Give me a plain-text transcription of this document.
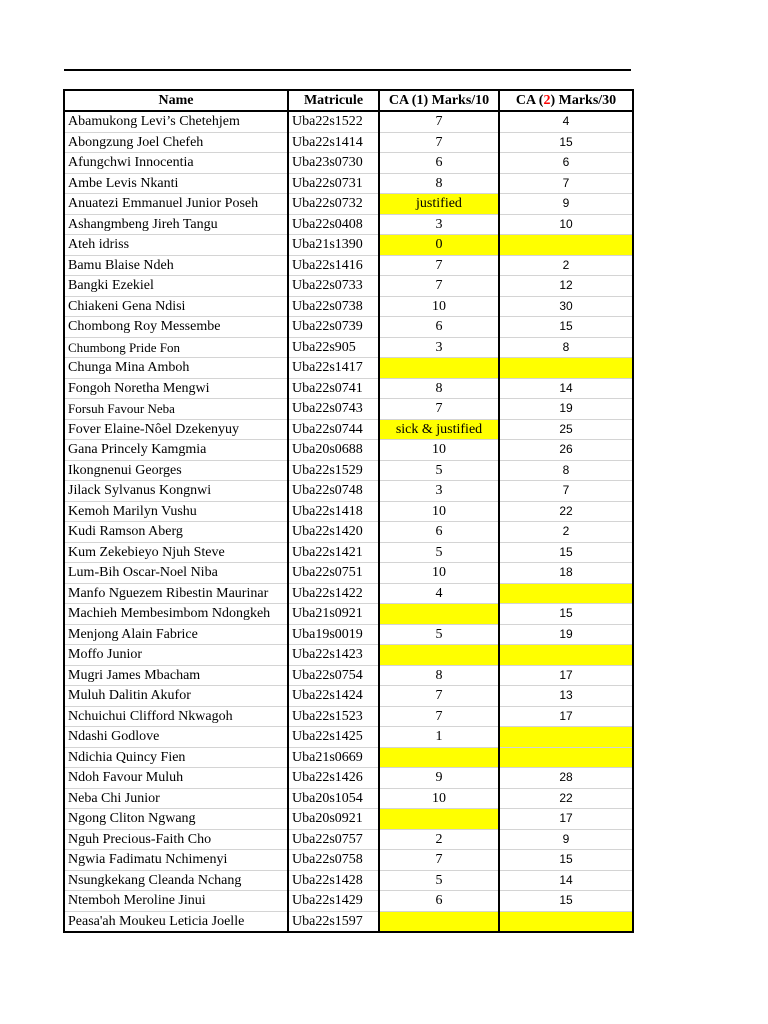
Name	Matricule	CA (1) Marks/10	CA (2) Marks/30
Abamukong Levi’s Chetehjem	Uba22s1522	7	4
Abongzung Joel Chefeh	Uba22s1414	7	15
Afungchwi Innocentia	Uba23s0730	6	6
Ambe Levis Nkanti	Uba22s0731	8	7
Anuatezi Emmanuel Junior Poseh	Uba22s0732	justified	9
Ashangmbeng Jireh Tangu	Uba22s0408	3	10
Ateh idriss	Uba21s1390	0	
Bamu Blaise Ndeh	Uba22s1416	7	2
Bangki Ezekiel	Uba22s0733	7	12
Chiakeni Gena Ndisi	Uba22s0738	10	30
Chombong Roy Messembe	Uba22s0739	6	15
Chumbong Pride Fon	Uba22s905	3	8
Chunga Mina Amboh	Uba22s1417		
Fongoh Noretha Mengwi	Uba22s0741	8	14
Forsuh Favour Neba	Uba22s0743	7	19
Fover Elaine-Nôel Dzekenyuy	Uba22s0744	sick & justified	25
Gana Princely Kamgmia	Uba20s0688	10	26
Ikongnenui Georges	Uba22s1529	5	8
Jilack Sylvanus Kongnwi	Uba22s0748	3	7
Kemoh Marilyn Vushu	Uba22s1418	10	22
Kudi Ramson Aberg	Uba22s1420	6	2
Kum Zekebieyo Njuh Steve	Uba22s1421	5	15
Lum-Bih Oscar-Noel Niba	Uba22s0751	10	18
Manfo Nguezem Ribestin Maurinar	Uba22s1422	4	
Machieh Membesimbom Ndongkeh	Uba21s0921		15
Menjong Alain Fabrice	Uba19s0019	5	19
Moffo Junior	Uba22s1423		
Mugri James Mbacham	Uba22s0754	8	17
Muluh Dalitin Akufor	Uba22s1424	7	13
Nchuichui Clifford Nkwagoh	Uba22s1523	7	17
Ndashi Godlove	Uba22s1425	1	
Ndichia Quincy Fien	Uba21s0669		
Ndoh Favour Muluh	Uba22s1426	9	28
Neba Chi Junior	Uba20s1054	10	22
Ngong Cliton Ngwang	Uba20s0921		17
Nguh Precious-Faith Cho	Uba22s0757	2	9
Ngwia Fadimatu Nchimenyi	Uba22s0758	7	15
Nsungkekang Cleanda Nchang	Uba22s1428	5	14
Ntemboh Meroline Jinui	Uba22s1429	6	15
Peasa'ah Moukeu Leticia Joelle	Uba22s1597		
